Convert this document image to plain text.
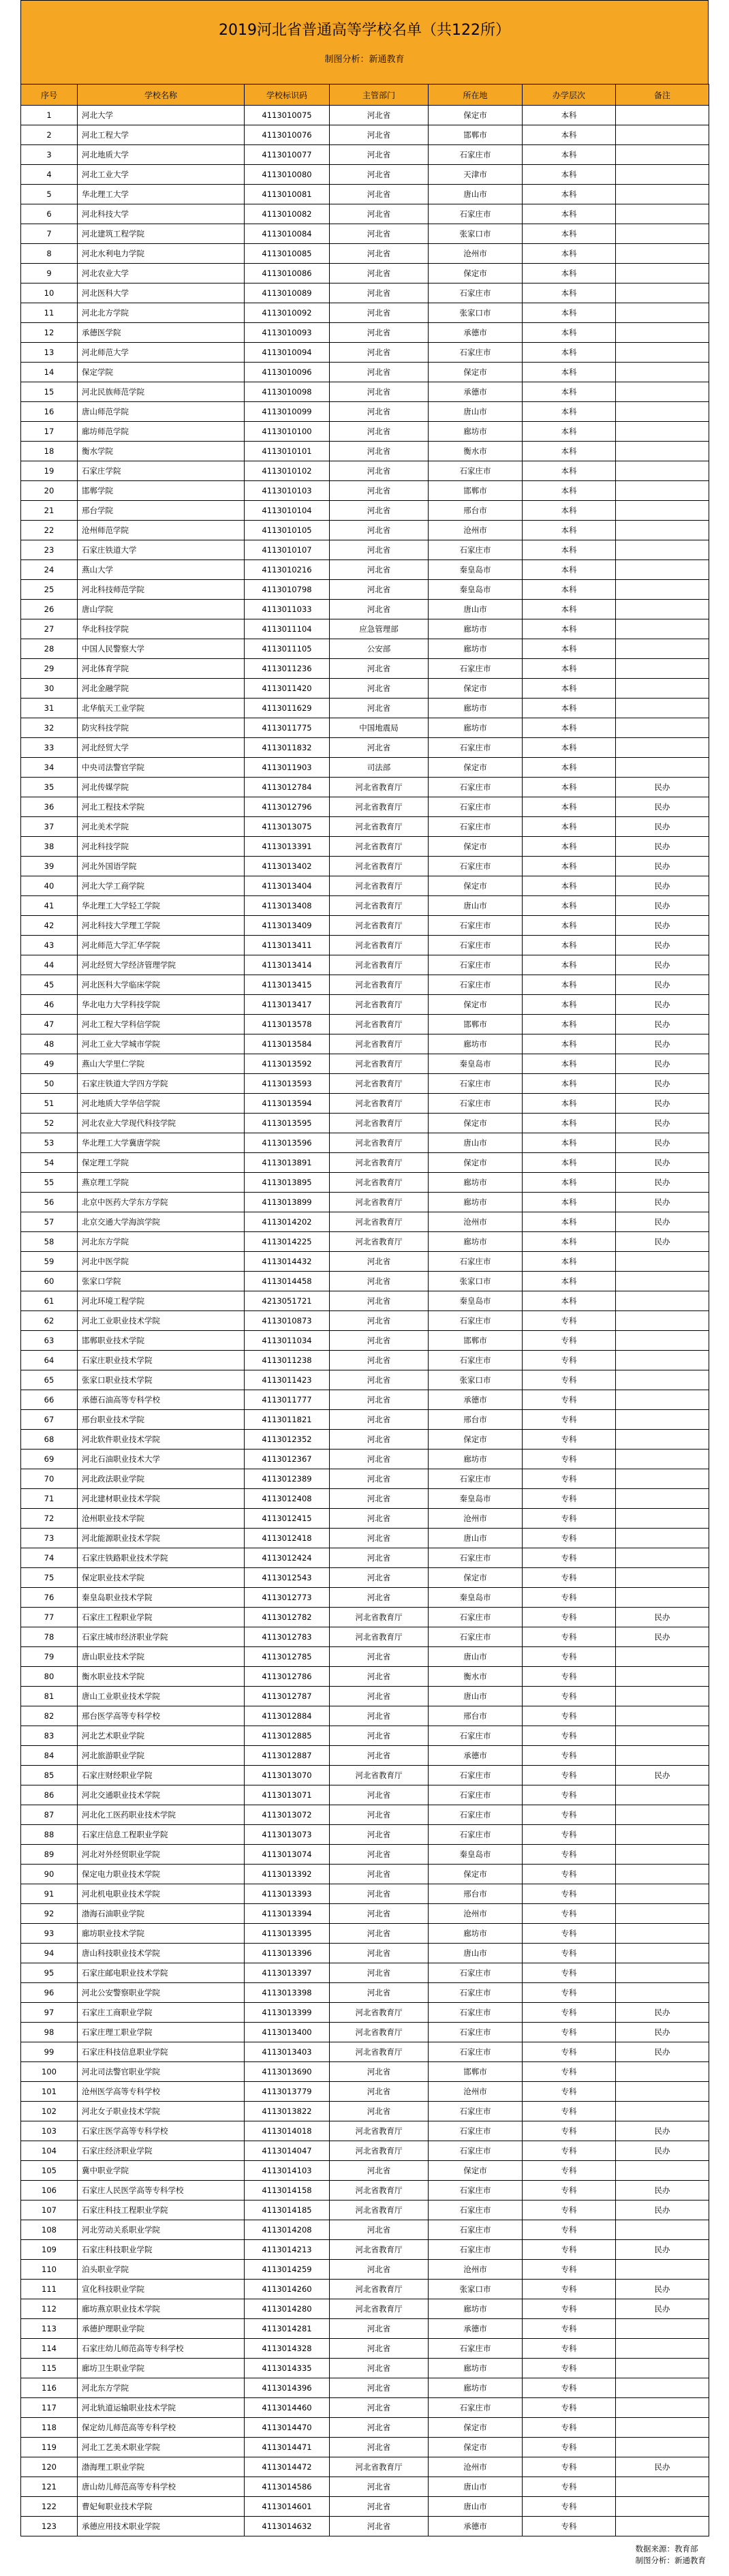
2019河北省普通高等学校名单（共122所）
制图分析：新通教育
序号	学校名称	学校标识码	主管部门	所在地	办学层次	备注
1	河北大学	4113010075	河北省	保定市	本科	
2	河北工程大学	4113010076	河北省	邯郸市	本科	
3	河北地质大学	4113010077	河北省	石家庄市	本科	
4	河北工业大学	4113010080	河北省	天津市	本科	
5	华北理工大学	4113010081	河北省	唐山市	本科	
6	河北科技大学	4113010082	河北省	石家庄市	本科	
7	河北建筑工程学院	4113010084	河北省	张家口市	本科	
8	河北水利电力学院	4113010085	河北省	沧州市	本科	
9	河北农业大学	4113010086	河北省	保定市	本科	
10	河北医科大学	4113010089	河北省	石家庄市	本科	
11	河北北方学院	4113010092	河北省	张家口市	本科	
12	承德医学院	4113010093	河北省	承德市	本科	
13	河北师范大学	4113010094	河北省	石家庄市	本科	
14	保定学院	4113010096	河北省	保定市	本科	
15	河北民族师范学院	4113010098	河北省	承德市	本科	
16	唐山师范学院	4113010099	河北省	唐山市	本科	
17	廊坊师范学院	4113010100	河北省	廊坊市	本科	
18	衡水学院	4113010101	河北省	衡水市	本科	
19	石家庄学院	4113010102	河北省	石家庄市	本科	
20	邯郸学院	4113010103	河北省	邯郸市	本科	
21	邢台学院	4113010104	河北省	邢台市	本科	
22	沧州师范学院	4113010105	河北省	沧州市	本科	
23	石家庄铁道大学	4113010107	河北省	石家庄市	本科	
24	燕山大学	4113010216	河北省	秦皇岛市	本科	
25	河北科技师范学院	4113010798	河北省	秦皇岛市	本科	
26	唐山学院	4113011033	河北省	唐山市	本科	
27	华北科技学院	4113011104	应急管理部	廊坊市	本科	
28	中国人民警察大学	4113011105	公安部	廊坊市	本科	
29	河北体育学院	4113011236	河北省	石家庄市	本科	
30	河北金融学院	4113011420	河北省	保定市	本科	
31	北华航天工业学院	4113011629	河北省	廊坊市	本科	
32	防灾科技学院	4113011775	中国地震局	廊坊市	本科	
33	河北经贸大学	4113011832	河北省	石家庄市	本科	
34	中央司法警官学院	4113011903	司法部	保定市	本科	
35	河北传媒学院	4113012784	河北省教育厅	石家庄市	本科	民办
36	河北工程技术学院	4113012796	河北省教育厅	石家庄市	本科	民办
37	河北美术学院	4113013075	河北省教育厅	石家庄市	本科	民办
38	河北科技学院	4113013391	河北省教育厅	保定市	本科	民办
39	河北外国语学院	4113013402	河北省教育厅	石家庄市	本科	民办
40	河北大学工商学院	4113013404	河北省教育厅	保定市	本科	民办
41	华北理工大学轻工学院	4113013408	河北省教育厅	唐山市	本科	民办
42	河北科技大学理工学院	4113013409	河北省教育厅	石家庄市	本科	民办
43	河北师范大学汇华学院	4113013411	河北省教育厅	石家庄市	本科	民办
44	河北经贸大学经济管理学院	4113013414	河北省教育厅	石家庄市	本科	民办
45	河北医科大学临床学院	4113013415	河北省教育厅	石家庄市	本科	民办
46	华北电力大学科技学院	4113013417	河北省教育厅	保定市	本科	民办
47	河北工程大学科信学院	4113013578	河北省教育厅	邯郸市	本科	民办
48	河北工业大学城市学院	4113013584	河北省教育厅	廊坊市	本科	民办
49	燕山大学里仁学院	4113013592	河北省教育厅	秦皇岛市	本科	民办
50	石家庄铁道大学四方学院	4113013593	河北省教育厅	石家庄市	本科	民办
51	河北地质大学华信学院	4113013594	河北省教育厅	石家庄市	本科	民办
52	河北农业大学现代科技学院	4113013595	河北省教育厅	保定市	本科	民办
53	华北理工大学冀唐学院	4113013596	河北省教育厅	唐山市	本科	民办
54	保定理工学院	4113013891	河北省教育厅	保定市	本科	民办
55	燕京理工学院	4113013895	河北省教育厅	廊坊市	本科	民办
56	北京中医药大学东方学院	4113013899	河北省教育厅	廊坊市	本科	民办
57	北京交通大学海滨学院	4113014202	河北省教育厅	沧州市	本科	民办
58	河北东方学院	4113014225	河北省教育厅	廊坊市	本科	民办
59	河北中医学院	4113014432	河北省	石家庄市	本科	
60	张家口学院	4113014458	河北省	张家口市	本科	
61	河北环境工程学院	4213051721	河北省	秦皇岛市	本科	
62	河北工业职业技术学院	4113010873	河北省	石家庄市	专科	
63	邯郸职业技术学院	4113011034	河北省	邯郸市	专科	
64	石家庄职业技术学院	4113011238	河北省	石家庄市	专科	
65	张家口职业技术学院	4113011423	河北省	张家口市	专科	
66	承德石油高等专科学校	4113011777	河北省	承德市	专科	
67	邢台职业技术学院	4113011821	河北省	邢台市	专科	
68	河北软件职业技术学院	4113012352	河北省	保定市	专科	
69	河北石油职业技术大学	4113012367	河北省	廊坊市	专科	
70	河北政法职业学院	4113012389	河北省	石家庄市	专科	
71	河北建材职业技术学院	4113012408	河北省	秦皇岛市	专科	
72	沧州职业技术学院	4113012415	河北省	沧州市	专科	
73	河北能源职业技术学院	4113012418	河北省	唐山市	专科	
74	石家庄铁路职业技术学院	4113012424	河北省	石家庄市	专科	
75	保定职业技术学院	4113012543	河北省	保定市	专科	
76	秦皇岛职业技术学院	4113012773	河北省	秦皇岛市	专科	
77	石家庄工程职业学院	4113012782	河北省教育厅	石家庄市	专科	民办
78	石家庄城市经济职业学院	4113012783	河北省教育厅	石家庄市	专科	民办
79	唐山职业技术学院	4113012785	河北省	唐山市	专科	
80	衡水职业技术学院	4113012786	河北省	衡水市	专科	
81	唐山工业职业技术学院	4113012787	河北省	唐山市	专科	
82	邢台医学高等专科学校	4113012884	河北省	邢台市	专科	
83	河北艺术职业学院	4113012885	河北省	石家庄市	专科	
84	河北旅游职业学院	4113012887	河北省	承德市	专科	
85	石家庄财经职业学院	4113013070	河北省教育厅	石家庄市	专科	民办
86	河北交通职业技术学院	4113013071	河北省	石家庄市	专科	
87	河北化工医药职业技术学院	4113013072	河北省	石家庄市	专科	
88	石家庄信息工程职业学院	4113013073	河北省	石家庄市	专科	
89	河北对外经贸职业学院	4113013074	河北省	秦皇岛市	专科	
90	保定电力职业技术学院	4113013392	河北省	保定市	专科	
91	河北机电职业技术学院	4113013393	河北省	邢台市	专科	
92	渤海石油职业学院	4113013394	河北省	沧州市	专科	
93	廊坊职业技术学院	4113013395	河北省	廊坊市	专科	
94	唐山科技职业技术学院	4113013396	河北省	唐山市	专科	
95	石家庄邮电职业技术学院	4113013397	河北省	石家庄市	专科	
96	河北公安警察职业学院	4113013398	河北省	石家庄市	专科	
97	石家庄工商职业学院	4113013399	河北省教育厅	石家庄市	专科	民办
98	石家庄理工职业学院	4113013400	河北省教育厅	石家庄市	专科	民办
99	石家庄科技信息职业学院	4113013403	河北省教育厅	石家庄市	专科	民办
100	河北司法警官职业学院	4113013690	河北省	邯郸市	专科	
101	沧州医学高等专科学校	4113013779	河北省	沧州市	专科	
102	河北女子职业技术学院	4113013822	河北省	石家庄市	专科	
103	石家庄医学高等专科学校	4113014018	河北省教育厅	石家庄市	专科	民办
104	石家庄经济职业学院	4113014047	河北省教育厅	石家庄市	专科	民办
105	冀中职业学院	4113014103	河北省	保定市	专科	
106	石家庄人民医学高等专科学校	4113014158	河北省教育厅	石家庄市	专科	民办
107	石家庄科技工程职业学院	4113014185	河北省教育厅	石家庄市	专科	民办
108	河北劳动关系职业学院	4113014208	河北省	石家庄市	专科	
109	石家庄科技职业学院	4113014213	河北省教育厅	石家庄市	专科	民办
110	泊头职业学院	4113014259	河北省	沧州市	专科	
111	宣化科技职业学院	4113014260	河北省教育厅	张家口市	专科	民办
112	廊坊燕京职业技术学院	4113014280	河北省教育厅	廊坊市	专科	民办
113	承德护理职业学院	4113014281	河北省	承德市	专科	
114	石家庄幼儿师范高等专科学校	4113014328	河北省	石家庄市	专科	
115	廊坊卫生职业学院	4113014335	河北省	廊坊市	专科	
116	河北东方学院	4113014396	河北省	廊坊市	专科	
117	河北轨道运输职业技术学院	4113014460	河北省	石家庄市	专科	
118	保定幼儿师范高等专科学校	4113014470	河北省	保定市	专科	
119	河北工艺美术职业学院	4113014471	河北省	保定市	专科	
120	渤海理工职业学院	4113014472	河北省教育厅	沧州市	专科	民办
121	唐山幼儿师范高等专科学校	4113014586	河北省	唐山市	专科	
122	曹妃甸职业技术学院	4113014601	河北省	唐山市	专科	
123	承德应用技术职业学院	4113014632	河北省	承德市	专科	
数据来源：教育部
制图分析：新通教育
